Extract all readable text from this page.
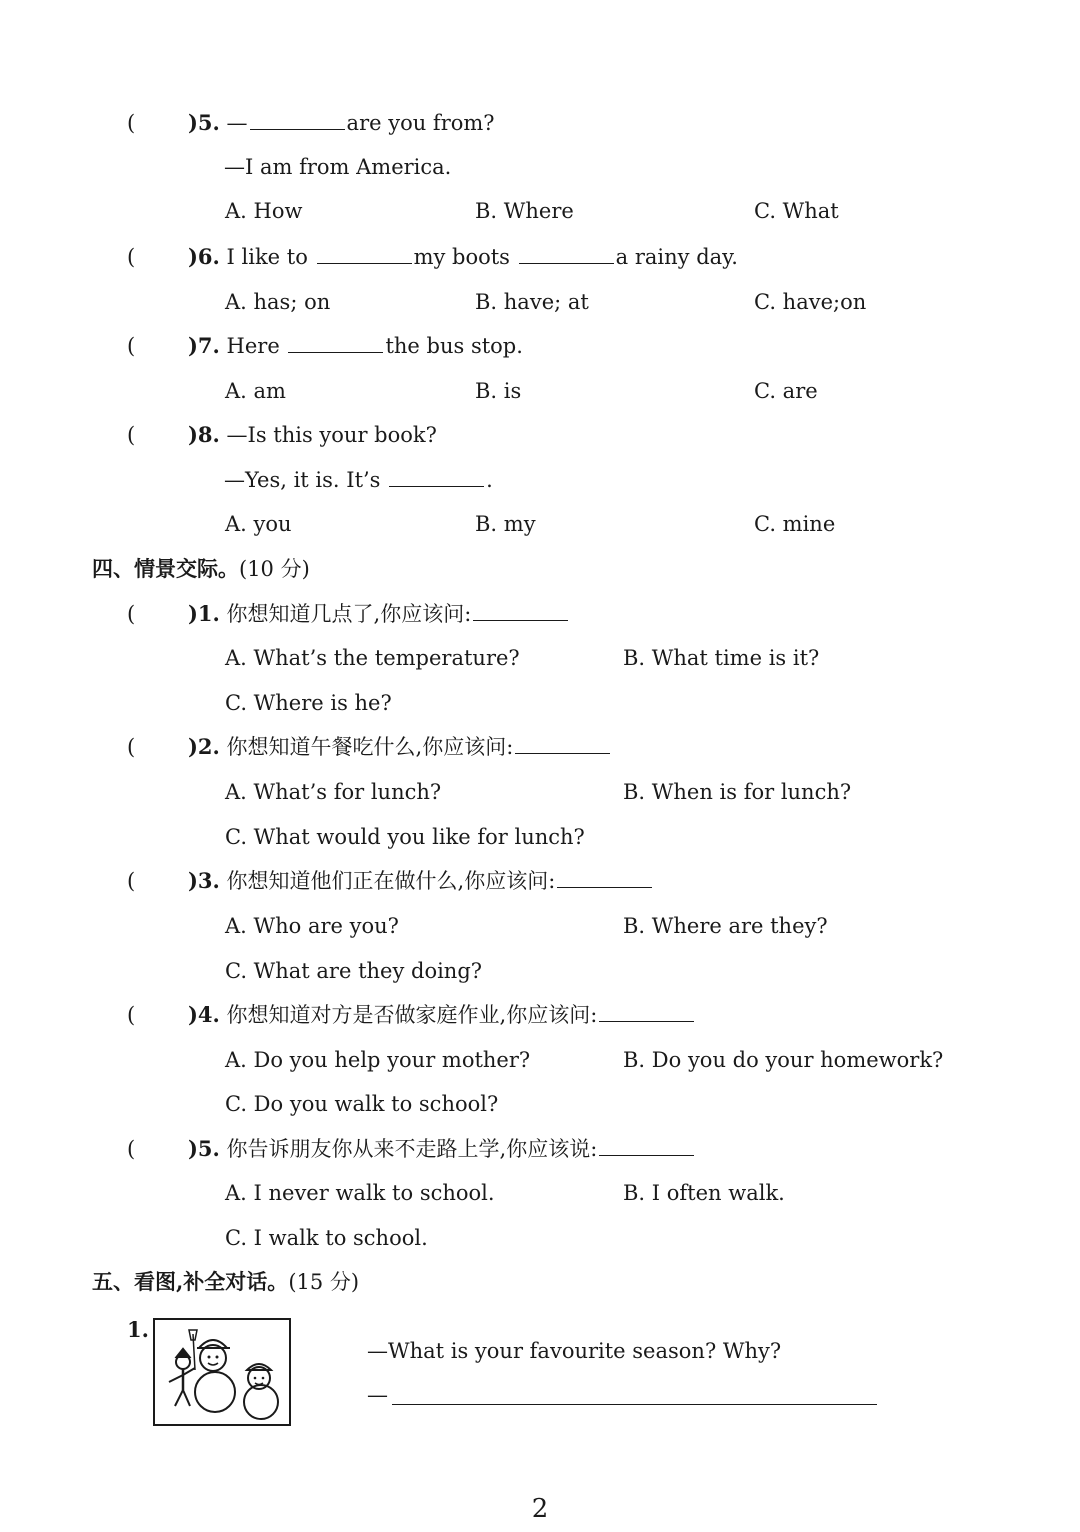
(	)5. —	are you from?
—I am from America.
A. How	B. Where	C. What
(	)6. I like to	my boots	a rainy day.
A. has; on	B. have; at	C. have;on
(	)7. Here	the bus stop.
A. am	B. is	C. are
(	)8. —Is this your book?
—Yes, it is. It’s	.
A. you	B. my	C. mine
四、情景交际。(10 分)
(	)1. 你想知道几点了,你应该问:
A. What’s the temperature?	B. What time is it?
C. Where is he?
(	)2. 你想知道午餐吃什么,你应该问:
A. What’s for lunch?	B. When is for lunch?
C. What would you like for lunch?
(	)3. 你想知道他们正在做什么,你应该问:
A. Who are you?	B. Where are they?
C. What are they doing?
(	)4. 你想知道对方是否做家庭作业,你应该问:
A. Do you help your mother?	B. Do you do your homework?
C. Do you walk to school?
(	)5. 你告诉朋友你从来不走路上学,你应该说:
A. I never walk to school.	B. I often walk.
C. I walk to school.
五、看图,补全对话。(15 分)
1.
—What is your favourite season? Why?
—
2
